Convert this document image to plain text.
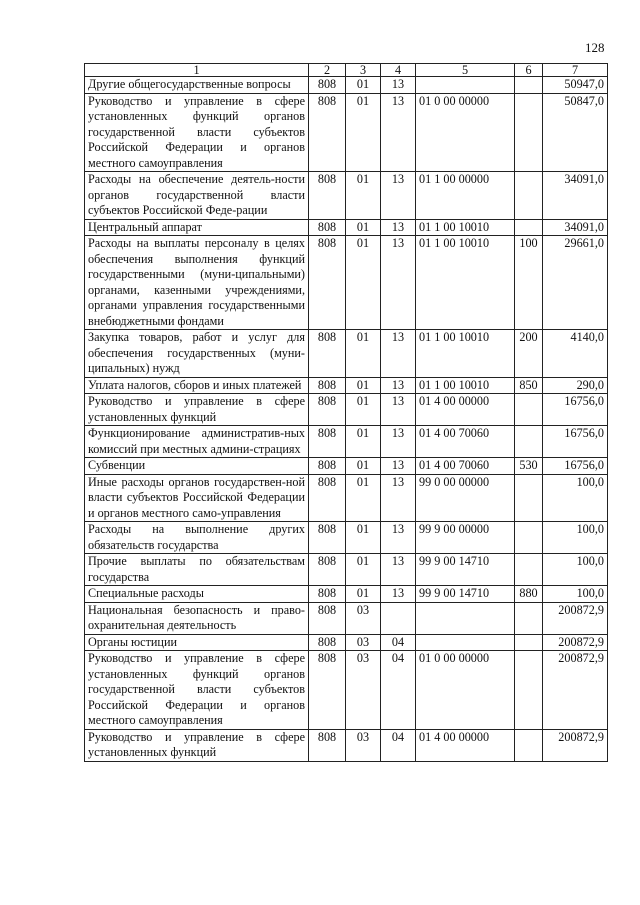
128
1	2	3	4	5	6	7
Другие общегосударственные вопросы	808	01	13			50947,0
Руководство и управление в сфере установленных функций органов государственной власти субъектов Российской Федерации и органов местного самоуправления	808	01	13	01 0 00 00000		50847,0
Расходы на обеспечение деятель-ности органов государственной власти субъектов Российской Феде-рации	808	01	13	01 1 00 00000		34091,0
Центральный аппарат	808	01	13	01 1 00 10010		34091,0
Расходы на выплаты персоналу в целях обеспечения выполнения функций государственными (муни-ципальными) органами, казенными учреждениями, органами управления государственными внебюджетными фондами	808	01	13	01 1 00 10010	100	29661,0
Закупка товаров, работ и услуг для обеспечения государственных (муни-ципальных) нужд	808	01	13	01 1 00 10010	200	4140,0
Уплата налогов, сборов и иных платежей	808	01	13	01 1 00 10010	850	290,0
Руководство и управление в сфере установленных функций	808	01	13	01 4 00 00000		16756,0
Функционирование административ-ных комиссий при местных админи-страциях	808	01	13	01 4 00 70060		16756,0
Субвенции	808	01	13	01 4 00 70060	530	16756,0
Иные расходы органов государствен-ной власти субъектов Российской Федерации и органов местного само-управления	808	01	13	99 0 00 00000		100,0
Расходы на выполнение других обязательств государства	808	01	13	99 9 00 00000		100,0
Прочие выплаты по обязательствам государства	808	01	13	99 9 00 14710		100,0
Специальные расходы	808	01	13	99 9 00 14710	880	100,0
Национальная безопасность и право-охранительная деятельность	808	03				200872,9
Органы юстиции	808	03	04			200872,9
Руководство и управление в сфере установленных функций органов государственной власти субъектов Российской Федерации и органов местного самоуправления	808	03	04	01 0 00 00000		200872,9
Руководство и управление в сфере установленных функций	808	03	04	01 4 00 00000		200872,9
